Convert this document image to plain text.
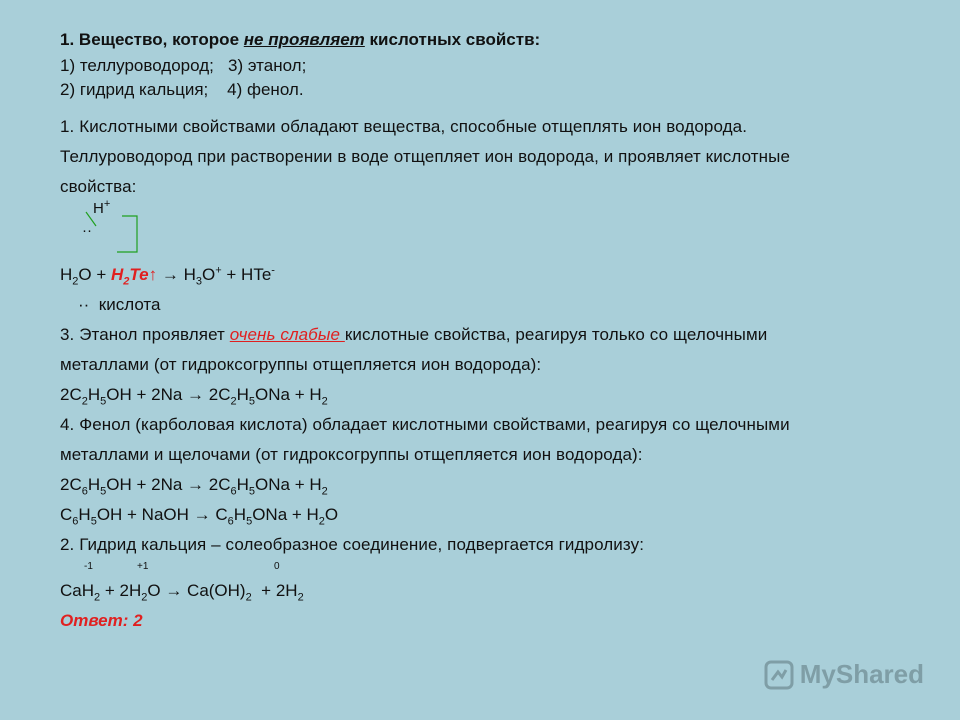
1. Вещество, которое не проявляет кислотных свойств:
1) теллуроводород;   3) этанол;
2) гидрид кальция;    4) фенол.
1. Кислотными свойствами обладают вещества, способные отщеплять ион водорода.
Теллуроводород при растворении в воде отщепляет ион водорода, и проявляет кислотные
свойства:
H+
··
$H_2O$ + $H_2Te↑ \to H_3O^+ + HTe^-$
··  кислота
3. Этанол проявляет очень слабые кислотные свойства, реагируя только со щелочными
металлами (от гидроксогруппы отщепляется ион водорода):
$2C_2H_5OH + 2Na \to 2C_2H_5ONa + H_2$
4. Фенол (карболовая кислота) обладает кислотными свойствами, реагируя со щелочными
металлами и щелочами (от гидроксогруппы отщепляется ион водорода):
$2C_6H_5OH + 2Na \to 2C_6H_5ONa + H_2$
$C_6H_5OH$ + NaOH → $C_6H_5ONa + H_2O$
2. Гидрид кальция – солеобразное соединение, подвергается гидролизу:
-1	+1	0
$CaH_2 + 2H_2O \to Ca(OH)_2 + 2H_2$
Ответ: 2
MyShared
